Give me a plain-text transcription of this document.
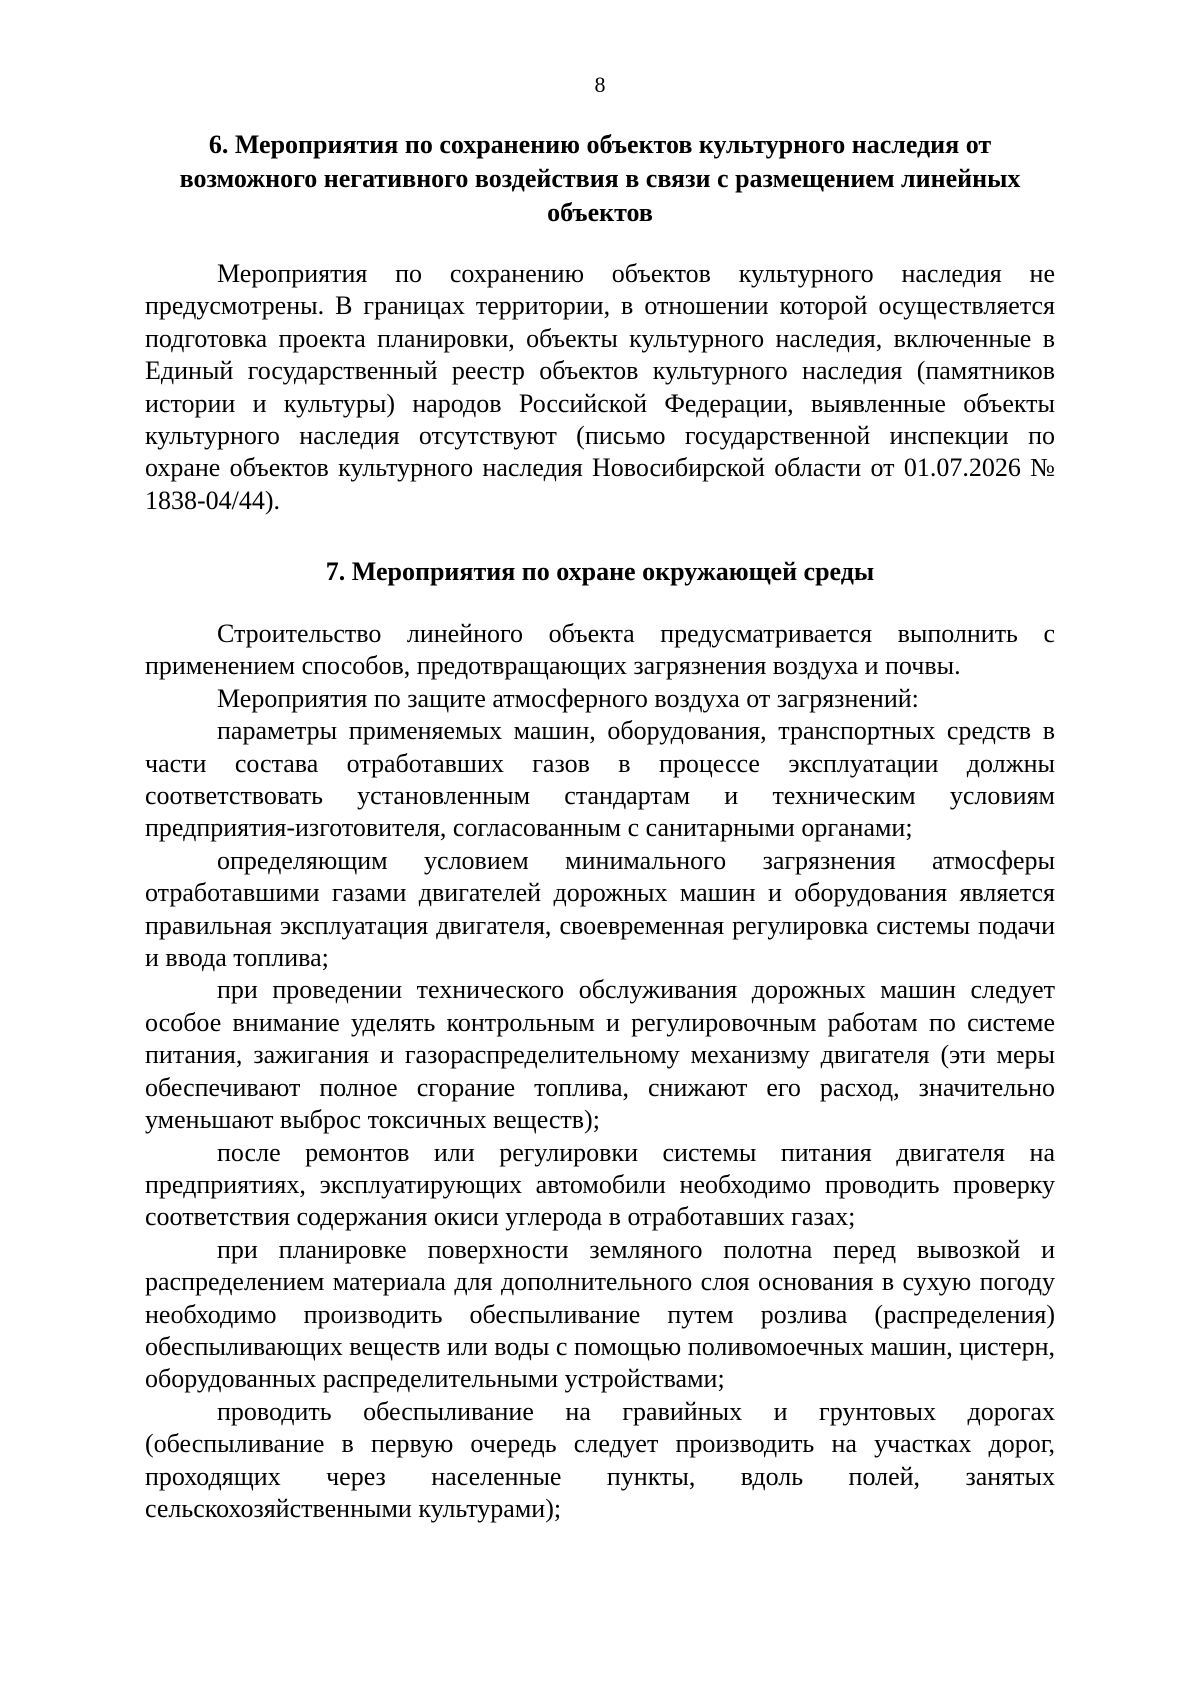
8
6. Мероприятия по сохранению объектов культурного наследия от возможного негативного воздействия в связи с размещением линейных объектов

Мероприятия по сохранению объектов культурного наследия не предусмотрены. В границах территории, в отношении которой осуществляется подготовка проекта планировки, объекты культурного наследия, включенные в Единый государственный реестр объектов культурного наследия (памятников истории и культуры) народов Российской Федерации, выявленные объекты культурного наследия отсутствуют (письмо государственной инспекции по охране объектов культурного наследия Новосибирской области от 01.07.2026 № 1838-04/44).

7. Мероприятия по охране окружающей среды

Строительство линейного объекта предусматривается выполнить с применением способов, предотвращающих загрязнения воздуха и почвы.

Мероприятия по защите атмосферного воздуха от загрязнений:

параметры применяемых машин, оборудования, транспортных средств в части состава отработавших газов в процессе эксплуатации должны соответствовать установленным стандартам и техническим условиям предприятия-изготовителя, согласованным с санитарными органами;

определяющим условием минимального загрязнения атмосферы отработавшими газами двигателей дорожных машин и оборудования является правильная эксплуатация двигателя, своевременная регулировка системы подачи и ввода топлива;

при проведении технического обслуживания дорожных машин следует особое внимание уделять контрольным и регулировочным работам по системе питания, зажигания и газораспределительному механизму двигателя (эти меры обеспечивают полное сгорание топлива, снижают его расход, значительно уменьшают выброс токсичных веществ);

после ремонтов или регулировки системы питания двигателя на предприятиях, эксплуатирующих автомобили необходимо проводить проверку соответствия содержания окиси углерода в отработавших газах;

при планировке поверхности земляного полотна перед вывозкой и распределением материала для дополнительного слоя основания в сухую погоду необходимо производить обеспыливание путем розлива (распределения) обеспыливающих веществ или воды с помощью поливомоечных машин, цистерн, оборудованных распределительными устройствами;

проводить обеспыливание на гравийных и грунтовых дорогах (обеспыливание в первую очередь следует производить на участках дорог, проходящих через населенные пункты, вдоль полей, занятых сельскохозяйственными культурами);
